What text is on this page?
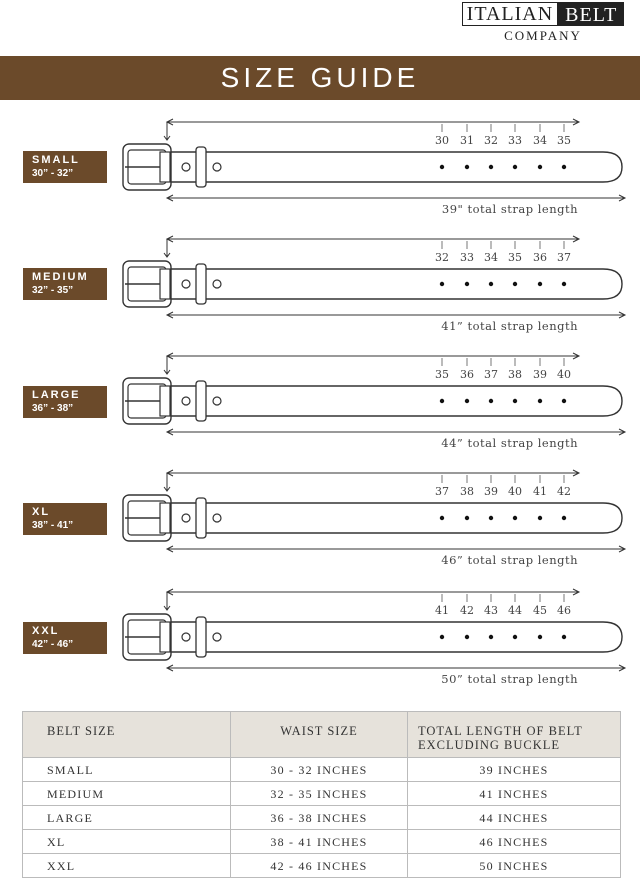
ITALIAN BELT
COMPANY
SIZE GUIDE
SMALL
30” - 32”
MEDIUM
32” - 35”
LARGE
36” - 38”
XL
38” - 41”
XXL
42” - 46”
30 31 32 33 34 35
39" total strap length
32 33 34 35 36 37
41” total strap length
35 36 37 38 39 40
44” total strap length
37 38 39 40 41 42
46” total strap length
41 42 43 44 45 46
50” total strap length
BELT SIZE	WAIST SIZE	TOTAL LENGTH OF BELT EXCLUDING BUCKLE
SMALL	30 - 32 INCHES	39 INCHES
MEDIUM	32 - 35 INCHES	41 INCHES
LARGE	36 - 38 INCHES	44 INCHES
XL	38 - 41 INCHES	46 INCHES
XXL	42 - 46 INCHES	50 INCHES
